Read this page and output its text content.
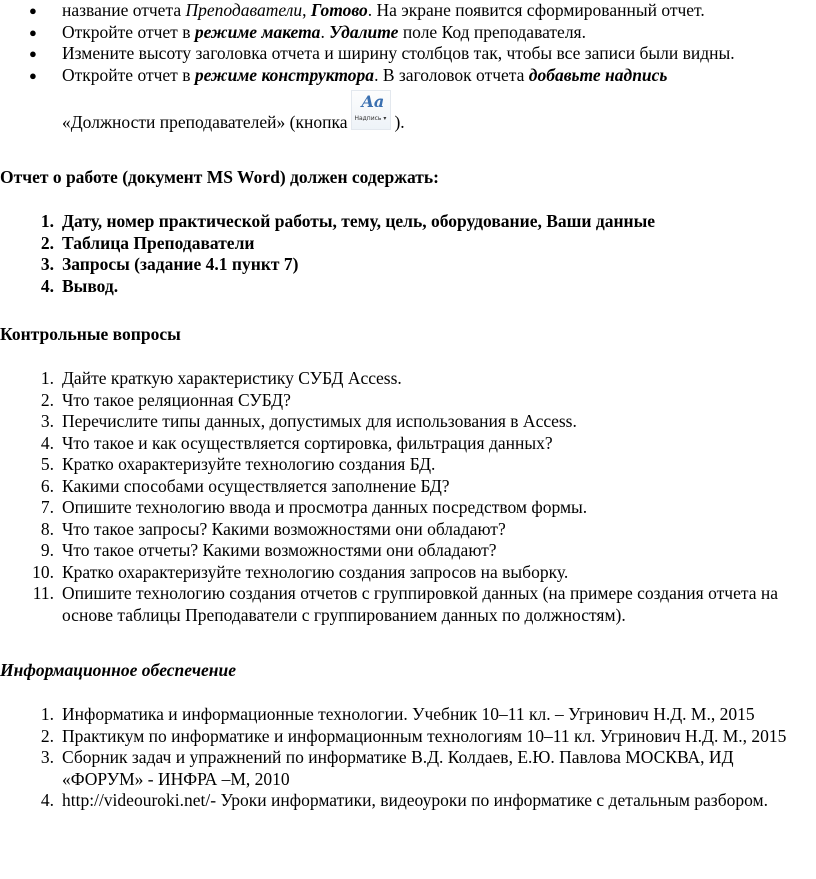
● название отчета Преподаватели, Готово. На экране появится сформированный отчет.
● Откройте отчет в режиме макета. Удалите поле Код преподавателя.
● Измените высоту заголовка отчета и ширину столбцов так, чтобы все записи были видны.
● Откройте отчет в режиме конструктора. В заголовок отчета добавьте надпись
«Должности преподавателей» (кнопка
Aa
Надпись ▾ ).

Отчет о работе (документ MS Word) должен содержать:

1. Дату, номер практической работы, тему, цель, оборудование, Ваши данные
2. Таблица Преподаватели
3. Запросы (задание 4.1 пункт 7)
4. Вывод.

Контрольные вопросы

1. Дайте краткую характеристику СУБД Access.
2. Что такое реляционная СУБД?
3. Перечислите типы данных, допустимых для использования в Access.
4. Что такое и как осуществляется сортировка, фильтрация данных?
5. Кратко охарактеризуйте технологию создания БД.
6. Какими способами осуществляется заполнение БД?
7. Опишите технологию ввода и просмотра данных посредством формы.
8. Что такое запросы? Какими возможностями они обладают?
9. Что такое отчеты? Какими возможностями они обладают?
10. Кратко охарактеризуйте технологию создания запросов на выборку.
11. Опишите технологию создания отчетов с группировкой данных (на примере создания отчета на основе таблицы Преподаватели с группированием данных по должностям).

Информационное обеспечение

1. Информатика и информационные технологии. Учебник 10–11 кл. – Угринович Н.Д. М., 2015
2. Практикум по информатике и информационным технологиям 10–11 кл. Угринович Н.Д. М., 2015
3. Сборник задач и упражнений по информатике В.Д. Колдаев, Е.Ю. Павлова МОСКВА, ИД «ФОРУМ» - ИНФРА –М, 2010
4. http://videouroki.net/- Уроки информатики, видеоуроки по информатике с детальным разбором.
